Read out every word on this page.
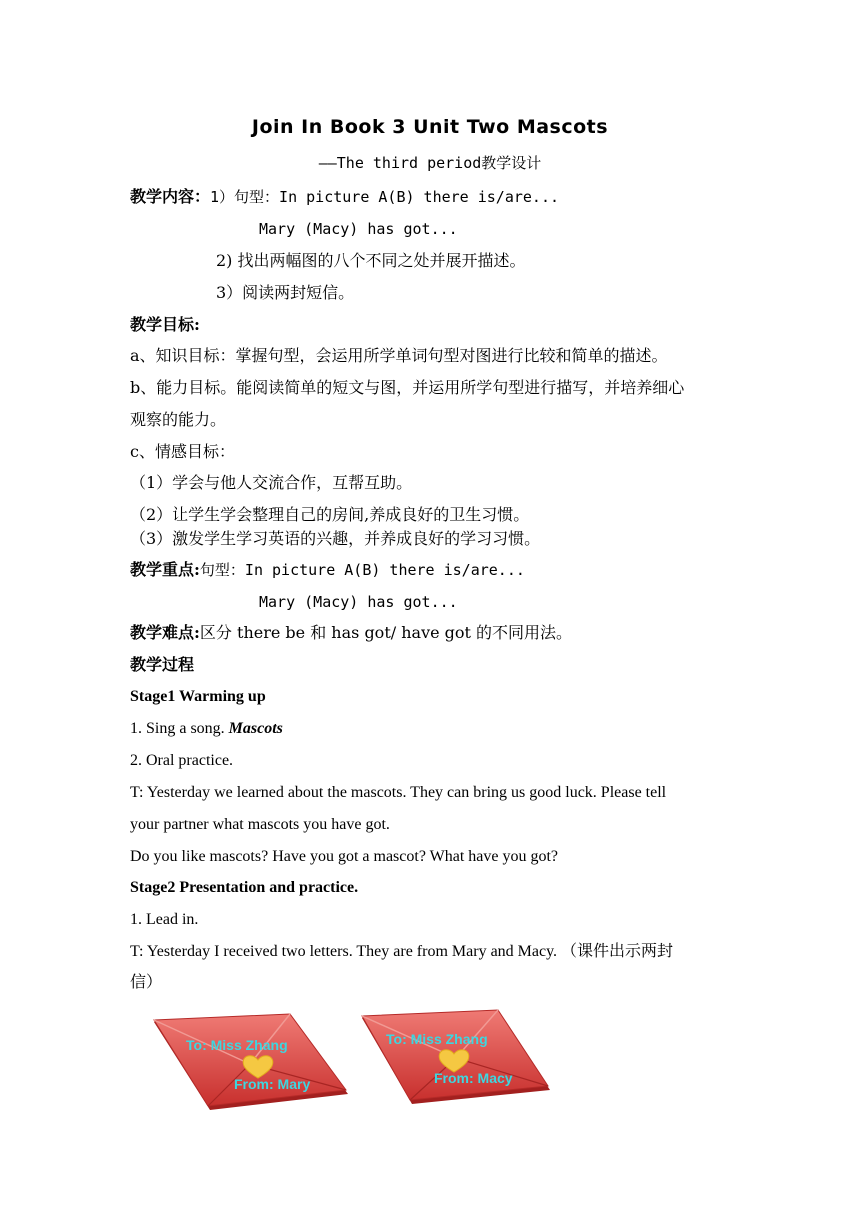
Join In Book 3 Unit Two Mascots
——The third period教学设计
教学内容：1）句型：In picture A(B) there is/are...
Mary (Macy) has got...
2) 找出两幅图的八个不同之处并展开描述。
3）阅读两封短信。
教学目标:
a、知识目标：掌握句型，会运用所学单词句型对图进行比较和简单的描述。
b、能力目标。能阅读简单的短文与图，并运用所学句型进行描写，并培养细心
观察的能力。
c、情感目标：
（1）学会与他人交流合作，互帮互助。
（2）让学生学会整理自己的房间,养成良好的卫生习惯。
（3）激发学生学习英语的兴趣，并养成良好的学习习惯。
教学重点:句型：In picture A(B) there is/are...
Mary (Macy) has got...
教学难点:区分 there be 和 has got/ have got 的不同用法。
教学过程
Stage1 Warming up
1. Sing a song. Mascots
2. Oral practice.
T: Yesterday we learned about the mascots. They can bring us good luck. Please tell
your partner what mascots you have got.
Do you like mascots? Have you got a mascot? What have you got?
Stage2 Presentation and practice.
1. Lead in.
T: Yesterday I received two letters. They are from Mary and Macy. （课件出示两封
信）
To: Miss Zhang
From: Mary
To: Miss Zhang
From: Macy
